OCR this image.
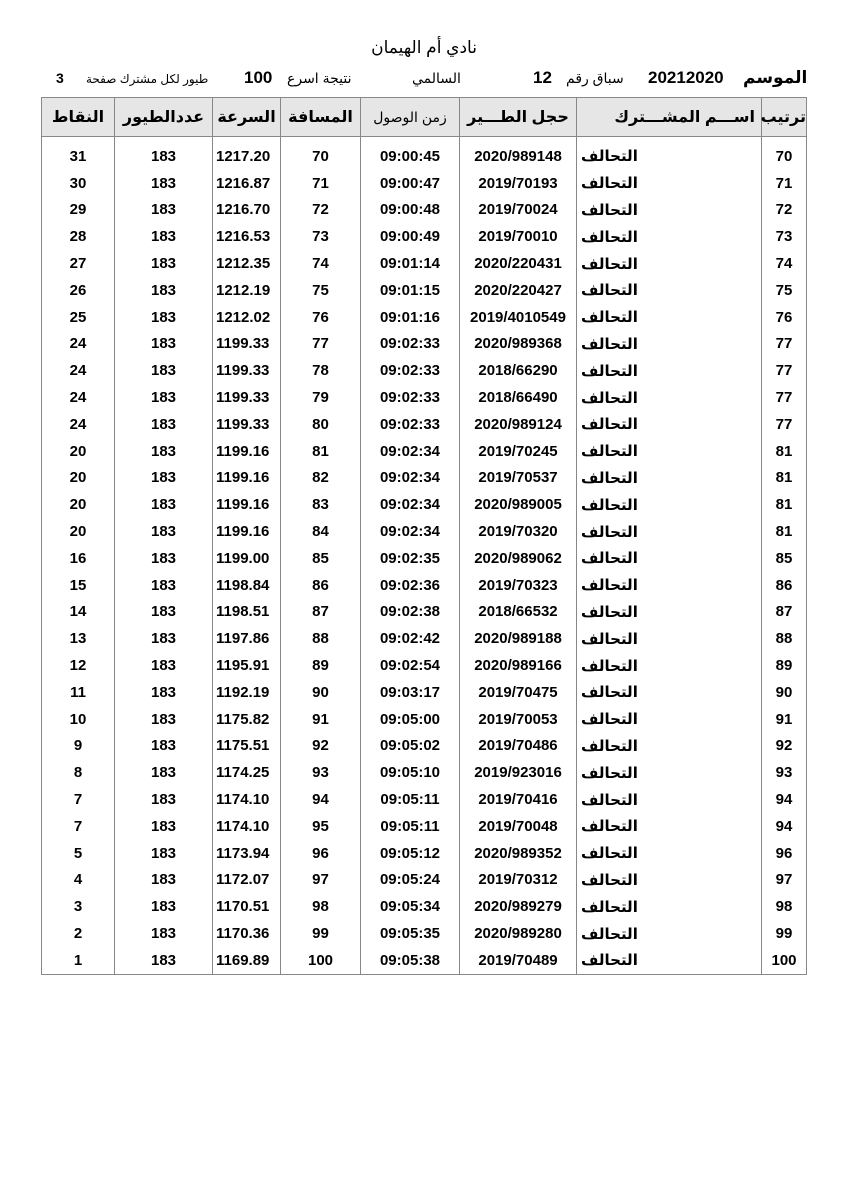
نادي أم الهيمان
الموسم
20212020
سباق رقم
12
السالمي
نتيجة اسرع
100
طيور لكل مشترك صفحة
3
ترتيب	اســـم المشـــترك	حجل الطـــير	زمن الوصول	المسافة	السرعة	عددالطيور	النقاط
70	التحالف	2020/989148	09:00:45	70	1217.20	183	31
71	التحالف	2019/70193	09:00:47	71	1216.87	183	30
72	التحالف	2019/70024	09:00:48	72	1216.70	183	29
73	التحالف	2019/70010	09:00:49	73	1216.53	183	28
74	التحالف	2020/220431	09:01:14	74	1212.35	183	27
75	التحالف	2020/220427	09:01:15	75	1212.19	183	26
76	التحالف	2019/4010549	09:01:16	76	1212.02	183	25
77	التحالف	2020/989368	09:02:33	77	1199.33	183	24
77	التحالف	2018/66290	09:02:33	78	1199.33	183	24
77	التحالف	2018/66490	09:02:33	79	1199.33	183	24
77	التحالف	2020/989124	09:02:33	80	1199.33	183	24
81	التحالف	2019/70245	09:02:34	81	1199.16	183	20
81	التحالف	2019/70537	09:02:34	82	1199.16	183	20
81	التحالف	2020/989005	09:02:34	83	1199.16	183	20
81	التحالف	2019/70320	09:02:34	84	1199.16	183	20
85	التحالف	2020/989062	09:02:35	85	1199.00	183	16
86	التحالف	2019/70323	09:02:36	86	1198.84	183	15
87	التحالف	2018/66532	09:02:38	87	1198.51	183	14
88	التحالف	2020/989188	09:02:42	88	1197.86	183	13
89	التحالف	2020/989166	09:02:54	89	1195.91	183	12
90	التحالف	2019/70475	09:03:17	90	1192.19	183	11
91	التحالف	2019/70053	09:05:00	91	1175.82	183	10
92	التحالف	2019/70486	09:05:02	92	1175.51	183	9
93	التحالف	2019/923016	09:05:10	93	1174.25	183	8
94	التحالف	2019/70416	09:05:11	94	1174.10	183	7
94	التحالف	2019/70048	09:05:11	95	1174.10	183	7
96	التحالف	2020/989352	09:05:12	96	1173.94	183	5
97	التحالف	2019/70312	09:05:24	97	1172.07	183	4
98	التحالف	2020/989279	09:05:34	98	1170.51	183	3
99	التحالف	2020/989280	09:05:35	99	1170.36	183	2
100	التحالف	2019/70489	09:05:38	100	1169.89	183	1
